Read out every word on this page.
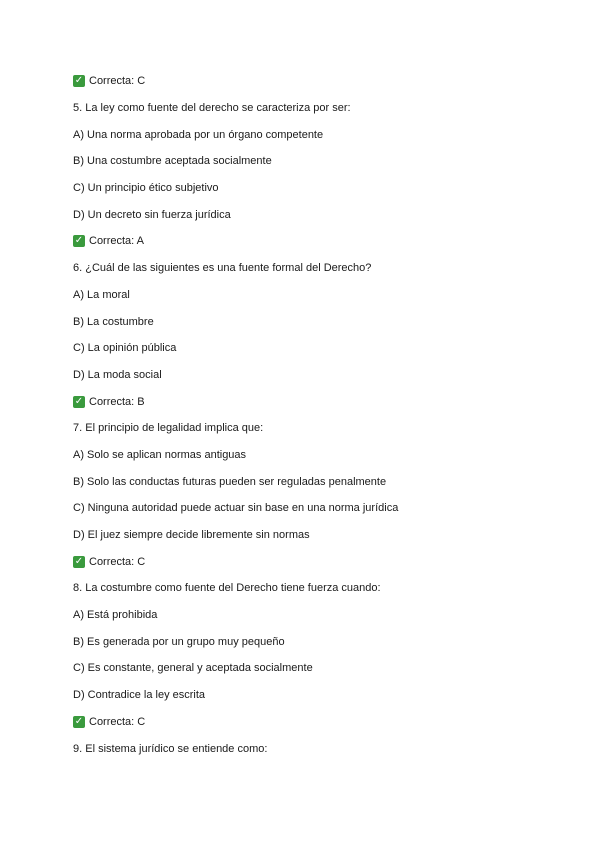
✓ Correcta: C
5. La ley como fuente del derecho se caracteriza por ser:
A) Una norma aprobada por un órgano competente
B) Una costumbre aceptada socialmente
C) Un principio ético subjetivo
D) Un decreto sin fuerza jurídica
✓ Correcta: A
6. ¿Cuál de las siguientes es una fuente formal del Derecho?
A) La moral
B) La costumbre
C) La opinión pública
D) La moda social
✓ Correcta: B
7. El principio de legalidad implica que:
A) Solo se aplican normas antiguas
B) Solo las conductas futuras pueden ser reguladas penalmente
C) Ninguna autoridad puede actuar sin base en una norma jurídica
D) El juez siempre decide libremente sin normas
✓ Correcta: C
8. La costumbre como fuente del Derecho tiene fuerza cuando:
A) Está prohibida
B) Es generada por un grupo muy pequeño
C) Es constante, general y aceptada socialmente
D) Contradice la ley escrita
✓ Correcta: C
9. El sistema jurídico se entiende como:
